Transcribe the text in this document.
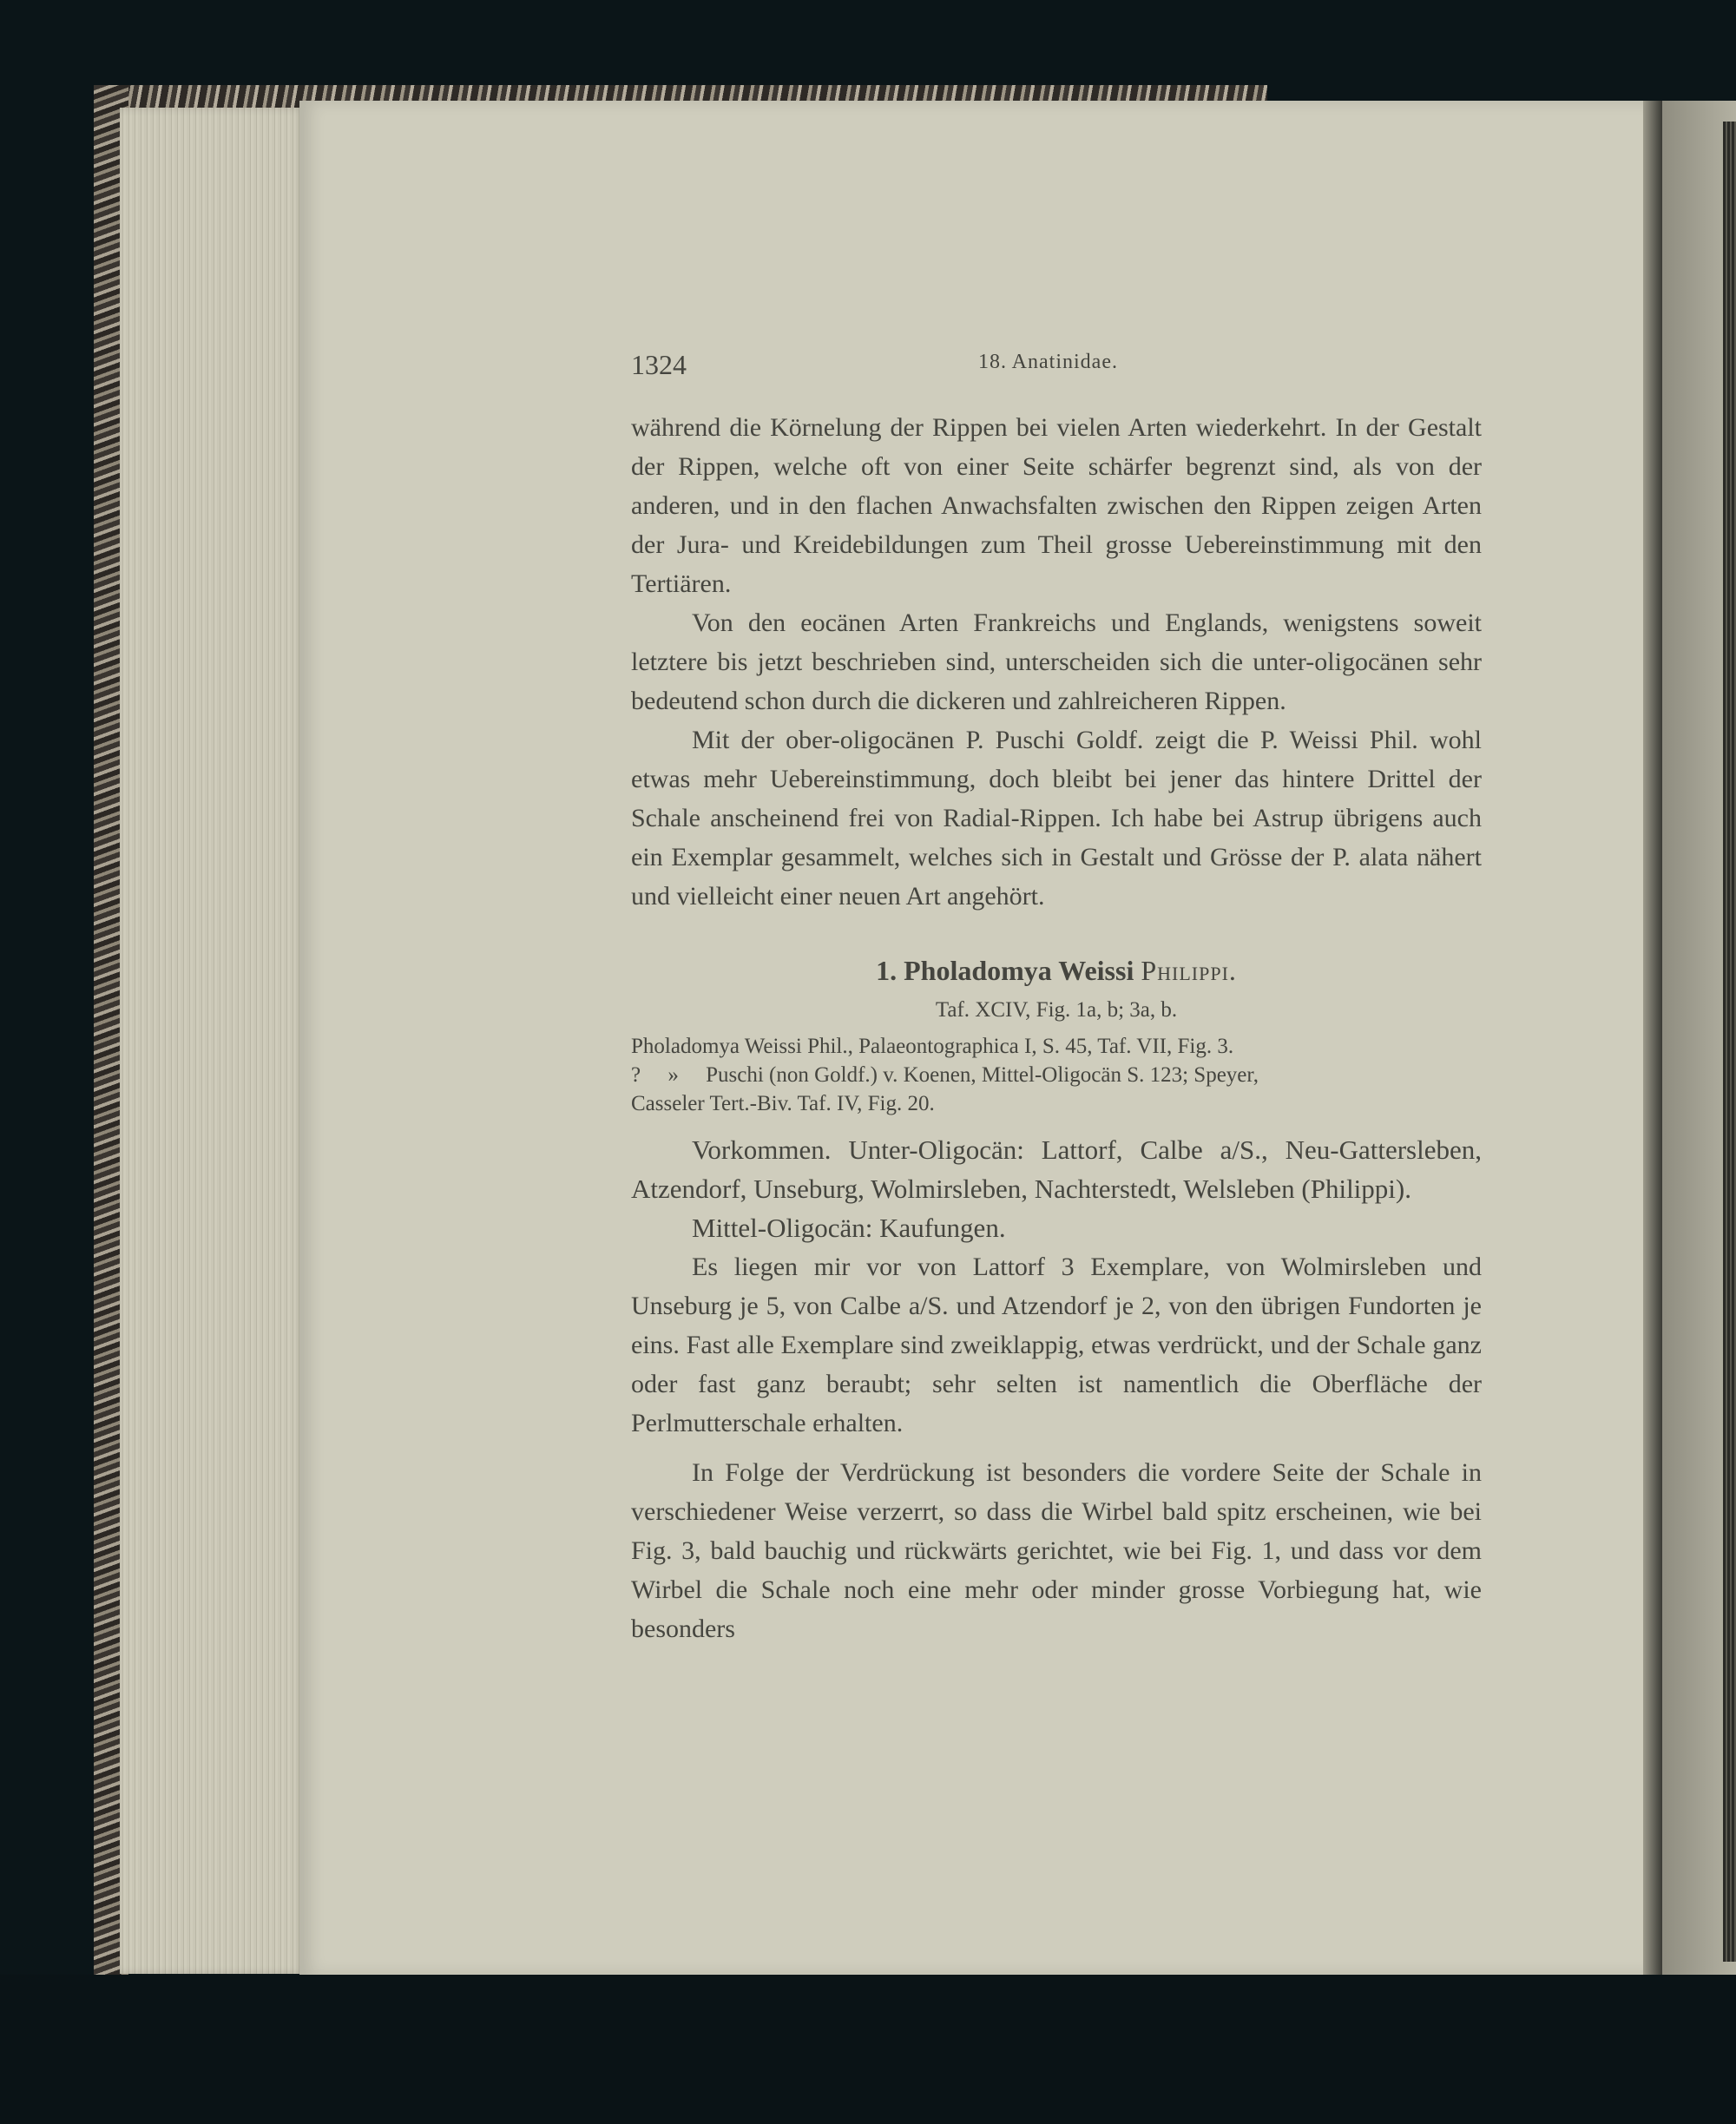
1324	18. Anatinidae.

während die Körnelung der Rippen bei vielen Arten wiederkehrt. In der Gestalt der Rippen, welche oft von einer Seite schärfer begrenzt sind, als von der anderen, und in den flachen Anwachsfalten zwischen den Rippen zeigen Arten der Jura- und Kreidebildungen zum Theil grosse Uebereinstimmung mit den Tertiären.

Von den eocänen Arten Frankreichs und Englands, wenigstens soweit letztere bis jetzt beschrieben sind, unterscheiden sich die unter-oligocänen sehr bedeutend schon durch die dickeren und zahlreicheren Rippen.

Mit der ober-oligocänen P. Puschi Goldf. zeigt die P. Weissi Phil. wohl etwas mehr Uebereinstimmung, doch bleibt bei jener das hintere Drittel der Schale anscheinend frei von Radial-Rippen. Ich habe bei Astrup übrigens auch ein Exemplar gesammelt, welches sich in Gestalt und Grösse der P. alata nähert und vielleicht einer neuen Art angehört.

1. Pholadomya Weissi Philippi.
Taf. XCIV, Fig. 1a, b; 3a, b.

Pholadomya Weissi Phil., Palaeontographica I, S. 45, Taf. VII, Fig. 3.

?     »     Puschi (non Goldf.) v. Koenen, Mittel-Oligocän S. 123; Speyer,

Casseler Tert.-Biv. Taf. IV, Fig. 20.

Vorkommen. Unter-Oligocän: Lattorf, Calbe a/S., Neu-Gattersleben, Atzendorf, Unseburg, Wolmirsleben, Nachterstedt, Welsleben (Philippi).

Mittel-Oligocän: Kaufungen.

Es liegen mir vor von Lattorf 3 Exemplare, von Wolmirsleben und Unseburg je 5, von Calbe a/S. und Atzendorf je 2, von den übrigen Fundorten je eins. Fast alle Exemplare sind zweiklappig, etwas verdrückt, und der Schale ganz oder fast ganz beraubt; sehr selten ist namentlich die Oberfläche der Perlmutterschale erhalten.

In Folge der Verdrückung ist besonders die vordere Seite der Schale in verschiedener Weise verzerrt, so dass die Wirbel bald spitz erscheinen, wie bei Fig. 3, bald bauchig und rückwärts gerichtet, wie bei Fig. 1, und dass vor dem Wirbel die Schale noch eine mehr oder minder grosse Vorbiegung hat, wie besonders
